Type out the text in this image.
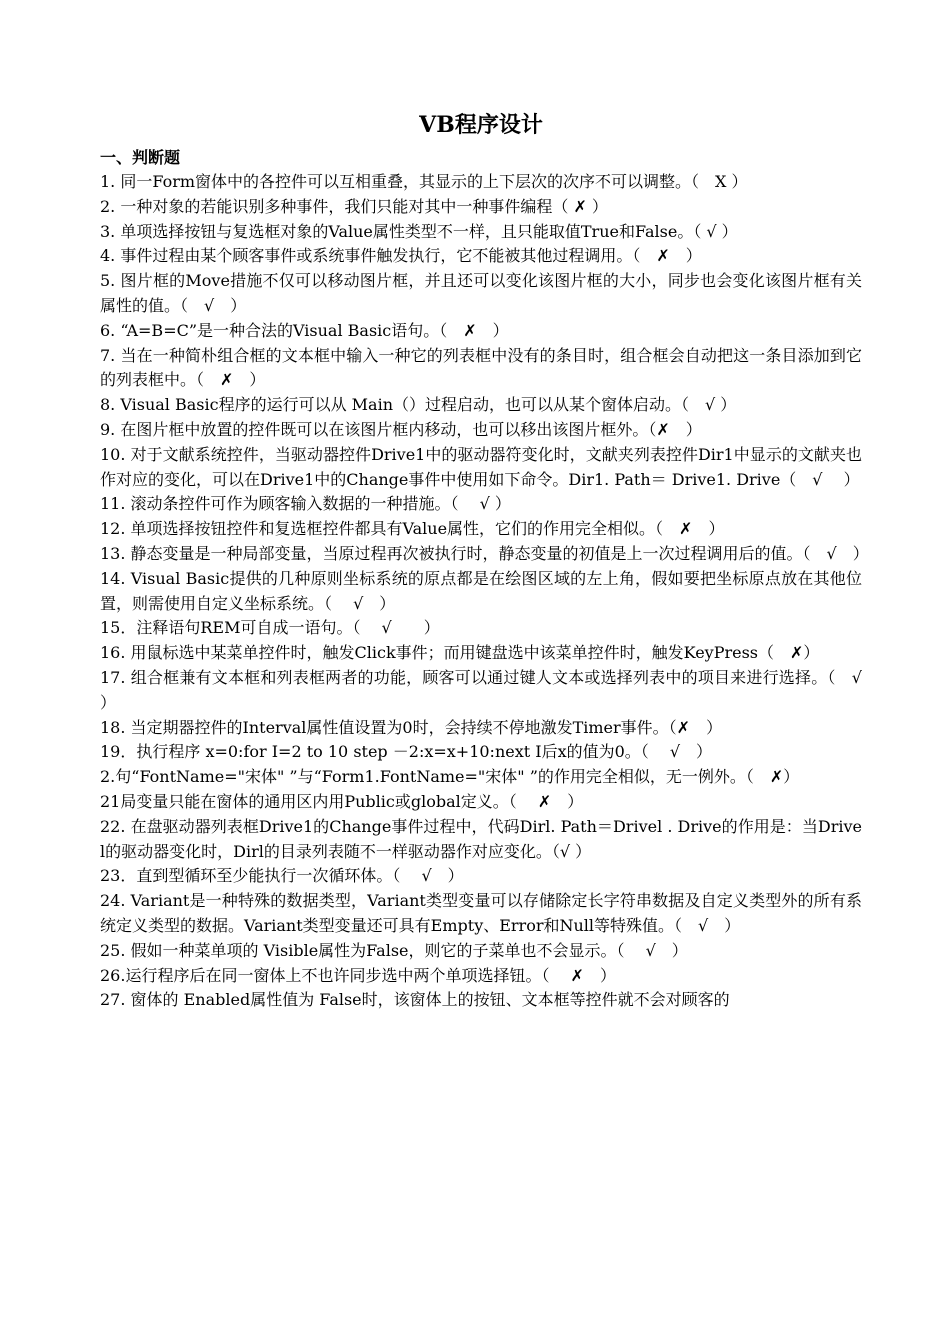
VB程序设计
一、判断题

1. 同一Form窗体中的各控件可以互相重叠，其显示的上下层次的次序不可以调整。（　X ）

2. 一种对象的若能识别多种事件，我们只能对其中一种事件编程（ ✗ ）

3. 单项选择按钮与复选框对象的Value属性类型不一样，且只能取值True和False。（ √ ）

4. 事件过程由某个顾客事件或系统事件触发执行，它不能被其他过程调用。（　✗　）

5. 图片框的Move措施不仅可以移动图片框，并且还可以变化该图片框的大小，同步也会变化该图片框有关属性的值。（　√　）

6. “A=B=C”是一种合法的Visual Basic语句。（　✗　）

7. 当在一种简朴组合框的文本框中输入一种它的列表框中没有的条目时，组合框会自动把这一条目添加到它的列表框中。（　✗　）

8. Visual Basic程序的运行可以从 Main（）过程启动，也可以从某个窗体启动。（　√ ）

9. 在图片框中放置的控件既可以在该图片框内移动，也可以移出该图片框外。（✗　）

10. 对于文献系统控件，当驱动器控件Drive1中的驱动器符变化时，文献夹列表控件Dir1中显示的文献夹也作对应的变化，可以在Drive1中的Change事件中使用如下命令。Dir1. Path＝ Drive1. Drive（　√　 ）

11. 滚动条控件可作为顾客输入数据的一种措施。（　 √ ）

12. 单项选择按钮控件和复选框控件都具有Value属性，它们的作用完全相似。（　✗　）

13. 静态变量是一种局部变量，当原过程再次被执行时，静态变量的初值是上一次过程调用后的值。（　√　）

14. Visual Basic提供的几种原则坐标系统的原点都是在绘图区域的左上角，假如要把坐标原点放在其他位置，则需使用自定义坐标系统。（　 √　）

15．注释语句REM可自成一语句。（　 √　　）

16. 用鼠标选中某菜单控件时，触发Click事件；而用键盘选中该菜单控件时，触发KeyPress（　✗）

17. 组合框兼有文本框和列表框两者的功能，顾客可以通过键人文本或选择列表中的项目来进行选择。（　√　）

18. 当定期器控件的Interval属性值设置为0时，会持续不停地激发Timer事件。（✗　）

19．执行程序 x=0:for I=2 to 10 step －2:x=x+10:next I后x的值为0。（　 √　）

2.句“FontName="宋体" ”与“Form1.FontName="宋体" ”的作用完全相似，无一例外。（　✗）

21局变量只能在窗体的通用区内用Public或global定义。（　 ✗　）

22. 在盘驱动器列表框Drive1的Change事件过程中，代码Dirl. Path＝Drivel . Drive的作用是：当Drivel的驱动器变化时，Dirl的目录列表随不一样驱动器作对应变化。（√ ）

23．直到型循环至少能执行一次循环体。（　 √　）

24. Variant是一种特殊的数据类型，Variant类型变量可以存储除定长字符串数据及自定义类型外的所有系统定义类型的数据。Variant类型变量还可具有Empty、Error和Null等特殊值。（　√　）

25. 假如一种菜单项的 Visible属性为False，则它的子菜单也不会显示。（　 √　）

26.运行程序后在同一窗体上不也许同步选中两个单项选择钮。（　 ✗　）

27. 窗体的 Enabled属性值为 False时，该窗体上的按钮、文本框等控件就不会对顾客的
